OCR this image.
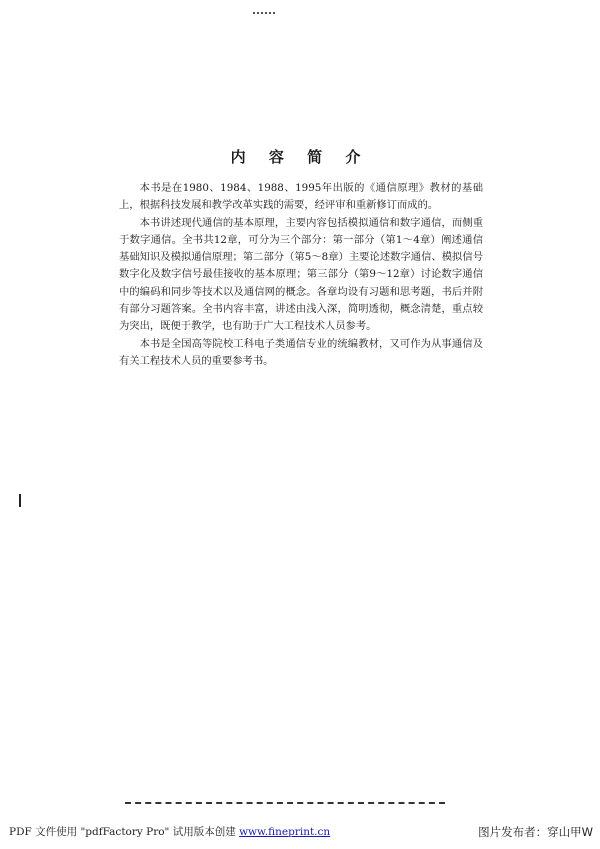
内 容 简 介

本书是在1980、1984、1988、1995年出版的《通信原理》教材的基础上，根据科技发展和教学改革实践的需要，经评审和重新修订而成的。

本书讲述现代通信的基本原理，主要内容包括模拟通信和数字通信，而侧重于数字通信。全书共12章，可分为三个部分：第一部分（第1～4章）阐述通信基础知识及模拟通信原理；第二部分（第5～8章）主要论述数字通信、模拟信号数字化及数字信号最佳接收的基本原理；第三部分（第9～12章）讨论数字通信中的编码和同步等技术以及通信网的概念。各章均设有习题和思考题，书后并附有部分习题答案。全书内容丰富，讲述由浅入深，简明透彻，概念清楚，重点较为突出，既便于教学，也有助于广大工程技术人员参考。

本书是全国高等院校工科电子类通信专业的统编教材，又可作为从事通信及有关工程技术人员的重要参考书。

PDF 文件使用 "pdfFactory Pro" 试用版本创建 www.fineprint.cn	图片发布者：穿山甲W
